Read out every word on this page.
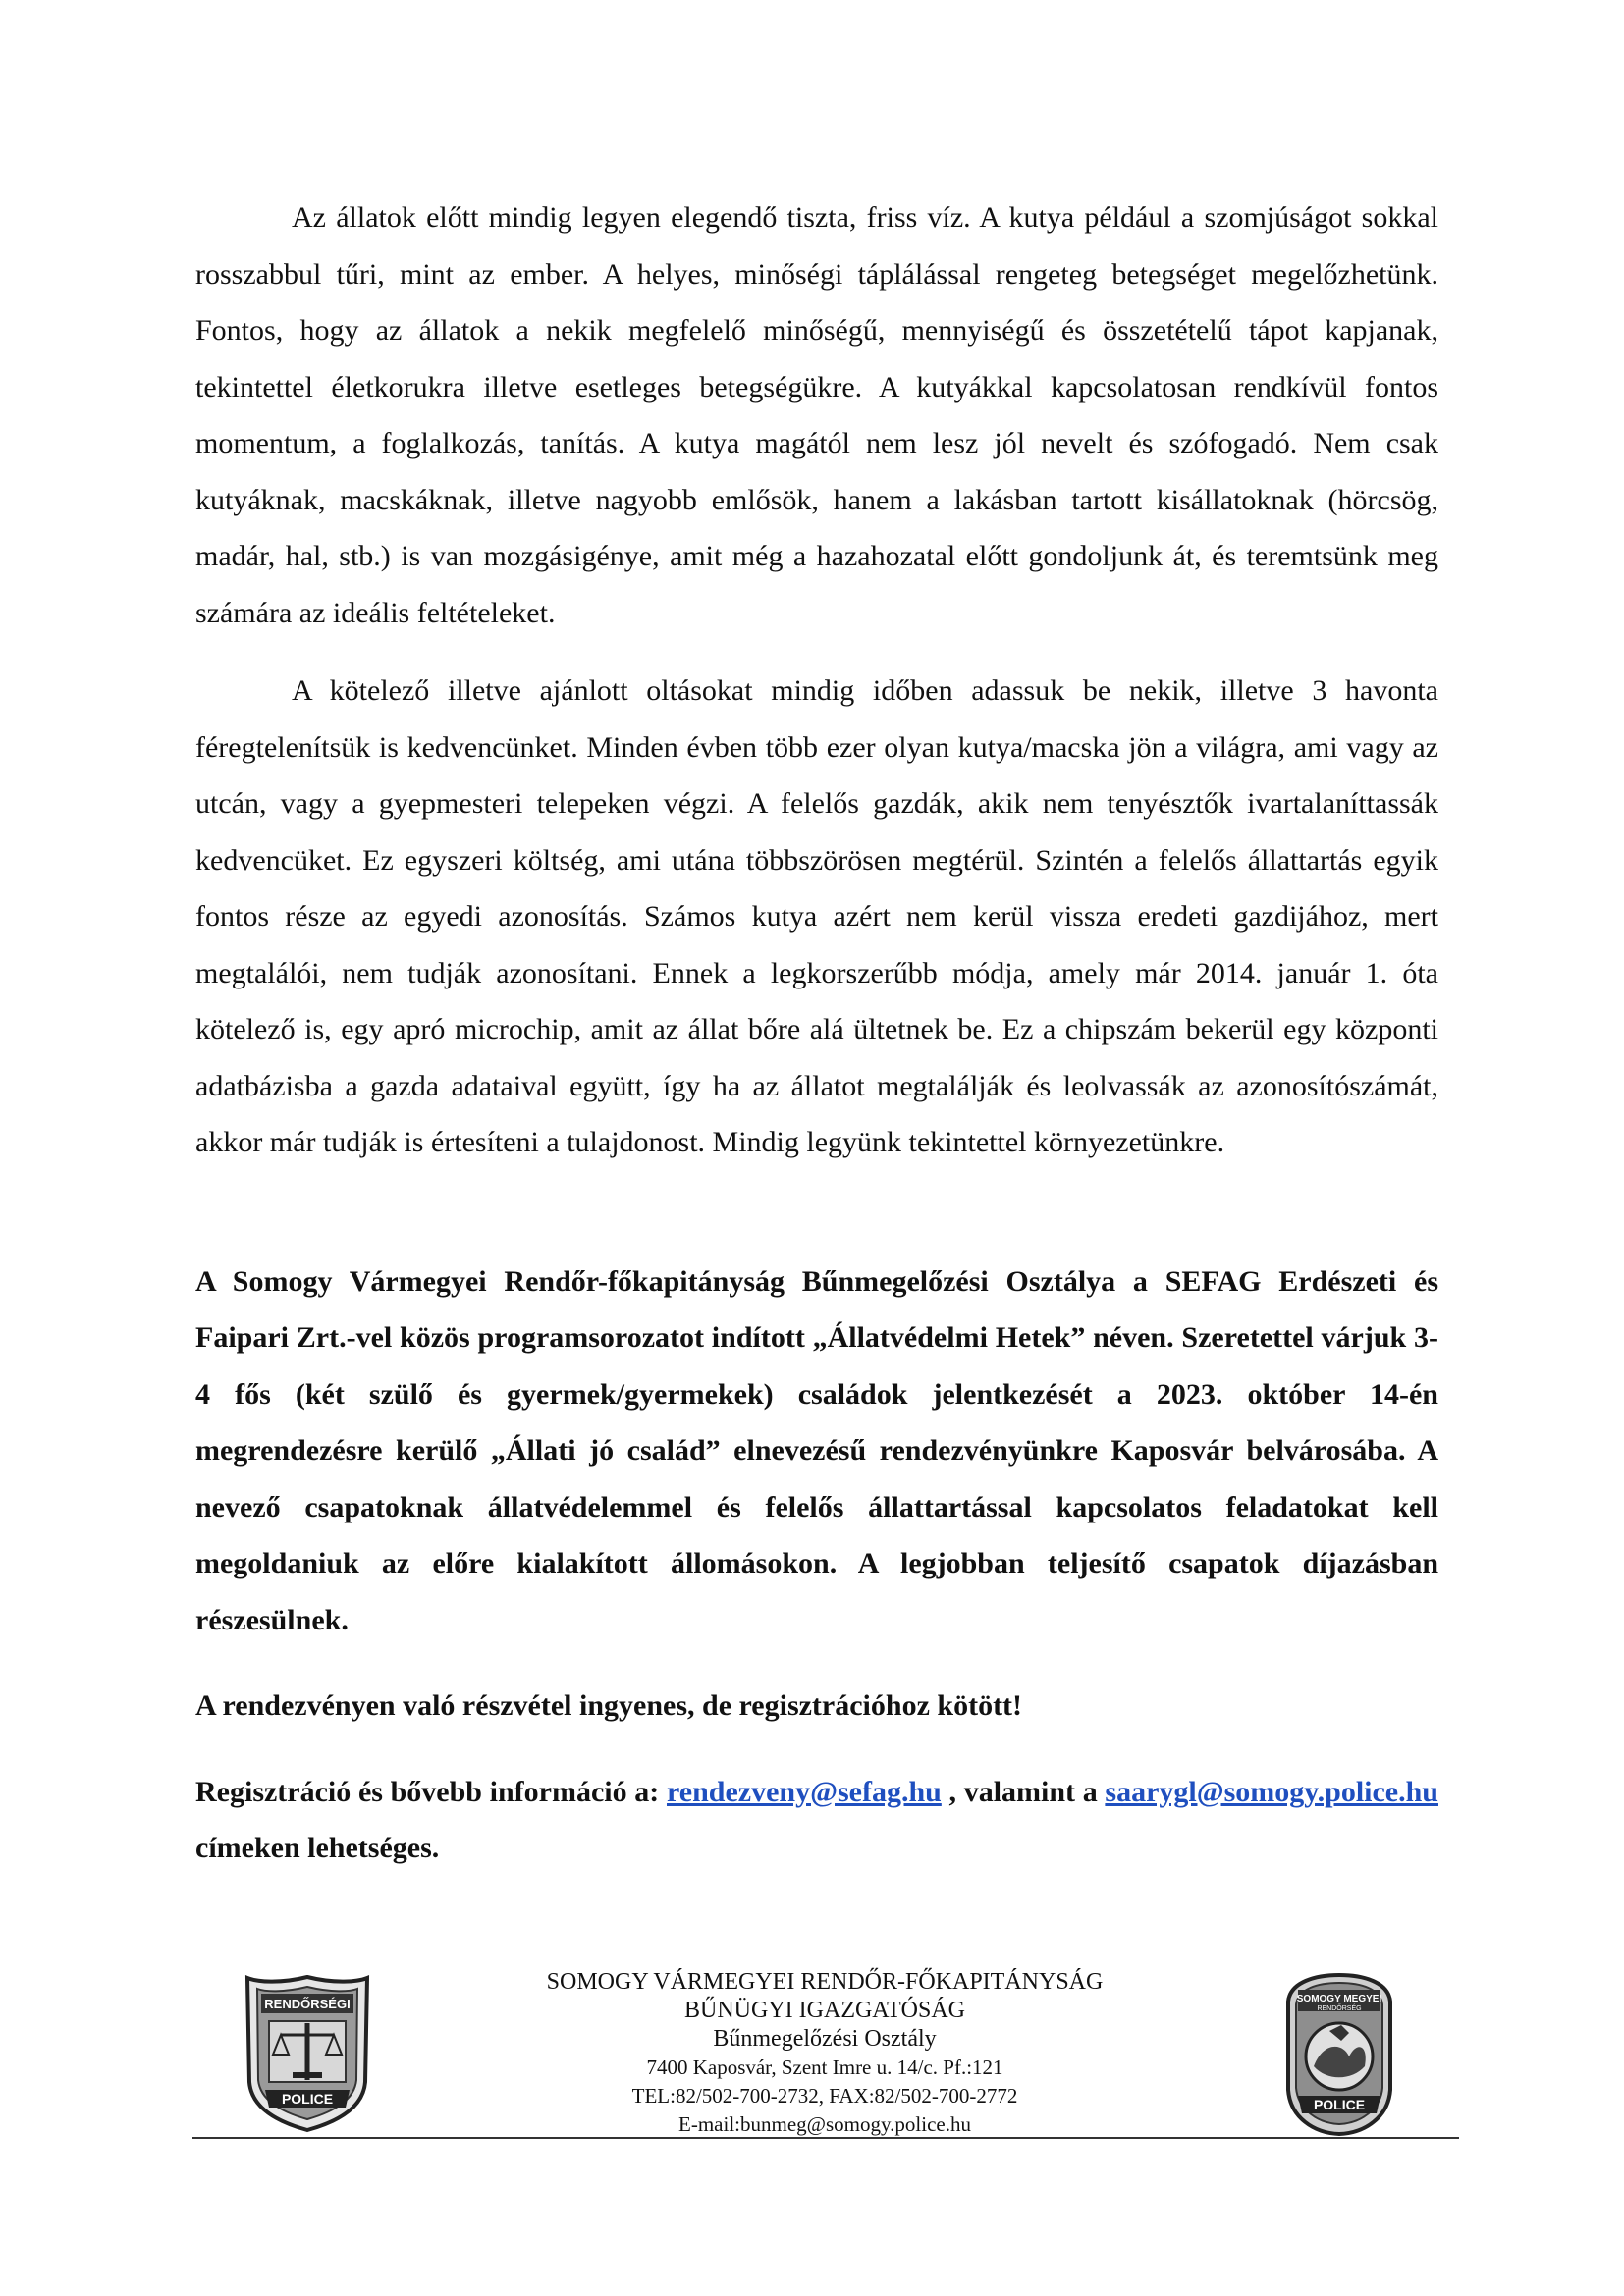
Az állatok előtt mindig legyen elegendő tiszta, friss víz. A kutya például a szomjúságot sokkal rosszabbul tűri, mint az ember. A helyes, minőségi táplálással rengeteg betegséget megelőzhetünk. Fontos, hogy az állatok a nekik megfelelő minőségű, mennyiségű és összetételű tápot kapjanak, tekintettel életkorukra illetve esetleges betegségükre. A kutyákkal kapcsolatosan rendkívül fontos momentum, a foglalkozás, tanítás. A kutya magától nem lesz jól nevelt és szófogadó. Nem csak kutyáknak, macskáknak, illetve nagyobb emlősök, hanem a lakásban tartott kisállatoknak (hörcsög, madár, hal, stb.) is van mozgásigénye, amit még a hazahozatal előtt gondoljunk át, és teremtsünk meg számára az ideális feltételeket.

A kötelező illetve ajánlott oltásokat mindig időben adassuk be nekik, illetve 3 havonta féregtelenítsük is kedvencünket. Minden évben több ezer olyan kutya/macska jön a világra, ami vagy az utcán, vagy a gyepmesteri telepeken végzi. A felelős gazdák, akik nem tenyésztők ivartalaníttassák kedvencüket. Ez egyszeri költség, ami utána többszörösen megtérül. Szintén a felelős állattartás egyik fontos része az egyedi azonosítás. Számos kutya azért nem kerül vissza eredeti gazdijához, mert megtalálói, nem tudják azonosítani. Ennek a legkorszerűbb módja, amely már 2014. január 1. óta kötelező is, egy apró microchip, amit az állat bőre alá ültetnek be. Ez a chipszám bekerül egy központi adatbázisba a gazda adataival együtt, így ha az állatot megtalálják és leolvassák az azonosítószámát, akkor már tudják is értesíteni a tulajdonost. Mindig legyünk tekintettel környezetünkre.

A Somogy Vármegyei Rendőr-főkapitányság Bűnmegelőzési Osztálya a SEFAG Erdészeti és Faipari Zrt.-vel közös programsorozatot indított „Állatvédelmi Hetek” néven. Szeretettel várjuk 3-4 fős (két szülő és gyermek/gyermekek) családok jelentkezését a 2023. október 14-én megrendezésre kerülő „Állati jó család” elnevezésű rendezvényünkre Kaposvár belvárosába. A nevező csapatoknak állatvédelemmel és felelős állattartással kapcsolatos feladatokat kell megoldaniuk az előre kialakított állomásokon. A legjobban teljesítő csapatok díjazásban részesülnek.

A rendezvényen való részvétel ingyenes, de regisztrációhoz kötött!

Regisztráció és bővebb információ a: rendezveny@sefag.hu , valamint a saarygl@somogy.police.hu címeken lehetséges.

RENDŐRSÉGI
POLICE
SOMOGY VÁRMEGYEI RENDŐR-FŐKAPITÁNYSÁG
BŰNÜGYI IGAZGATÓSÁG
Bűnmegelőzési Osztály
7400 Kaposvár, Szent Imre u. 14/c. Pf.:121
TEL:82/502-700-2732, FAX:82/502-700-2772
E-mail:bunmeg@somogy.police.hu
SOMOGY MEGYEI
RENDŐRSÉG
POLICE
